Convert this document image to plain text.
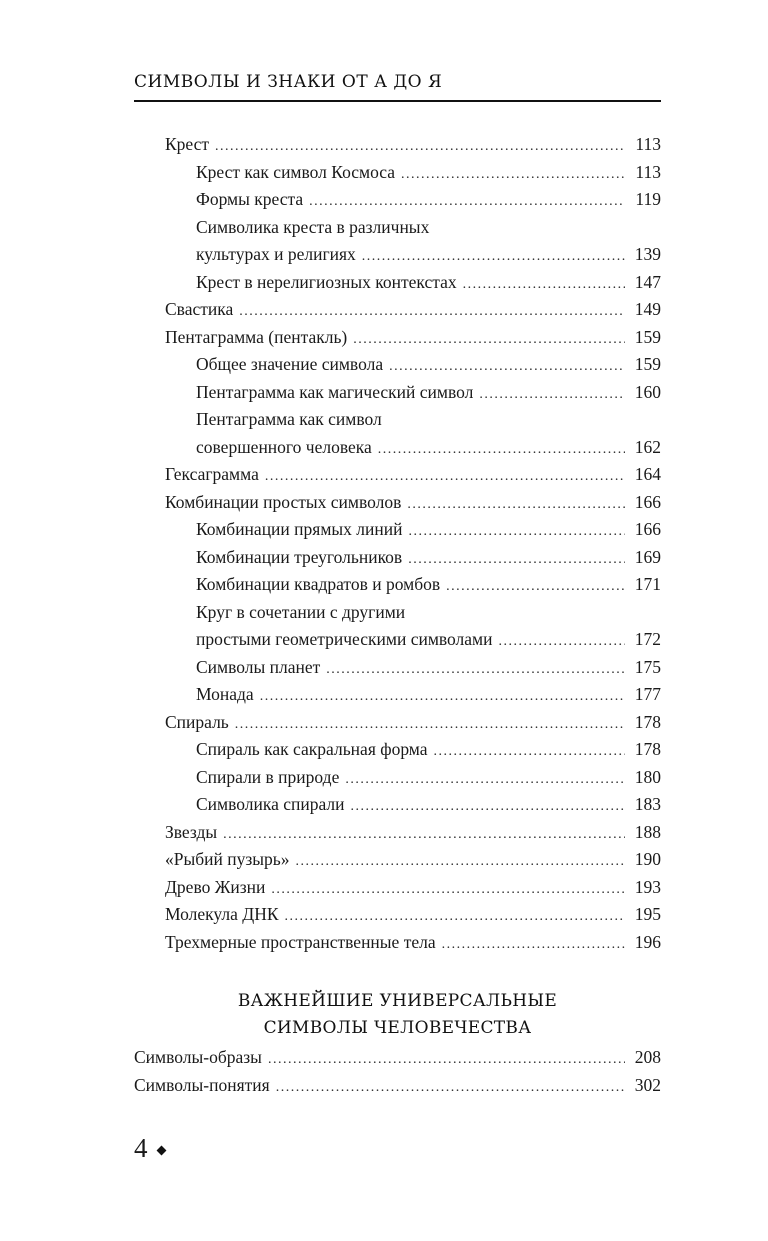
СИМВОЛЫ И ЗНАКИ ОТ А ДО Я
Крест .....	113
Крест как символ Космоса .....	113
Формы креста .....	119
Символика креста в различных
культурах и религиях .....	139
Крест в нерелигиозных контекстах .....	147
Свастика .....	149
Пентаграмма (пентакль) .....	159
Общее значение символа .....	159
Пентаграмма как магический символ .....	160
Пентаграмма как символ
совершенного человека .....	162
Гексаграмма .....	164
Комбинации простых символов .....	166
Комбинации прямых линий .....	166
Комбинации треугольников .....	169
Комбинации квадратов и ромбов .....	171
Круг в сочетании с другими
простыми геометрическими символами .....	172
Символы планет .....	175
Монада .....	177
Спираль .....	178
Спираль как сакральная форма .....	178
Спирали в природе .....	180
Символика спирали .....	183
Звезды .....	188
«Рыбий пузырь» .....	190
Древо Жизни .....	193
Молекула ДНК .....	195
Трехмерные пространственные тела .....	196
ВАЖНЕЙШИЕ УНИВЕРСАЛЬНЫЕ
СИМВОЛЫ ЧЕЛОВЕЧЕСТВА
Символы-образы .....	208
Символы-понятия .....	302
4
